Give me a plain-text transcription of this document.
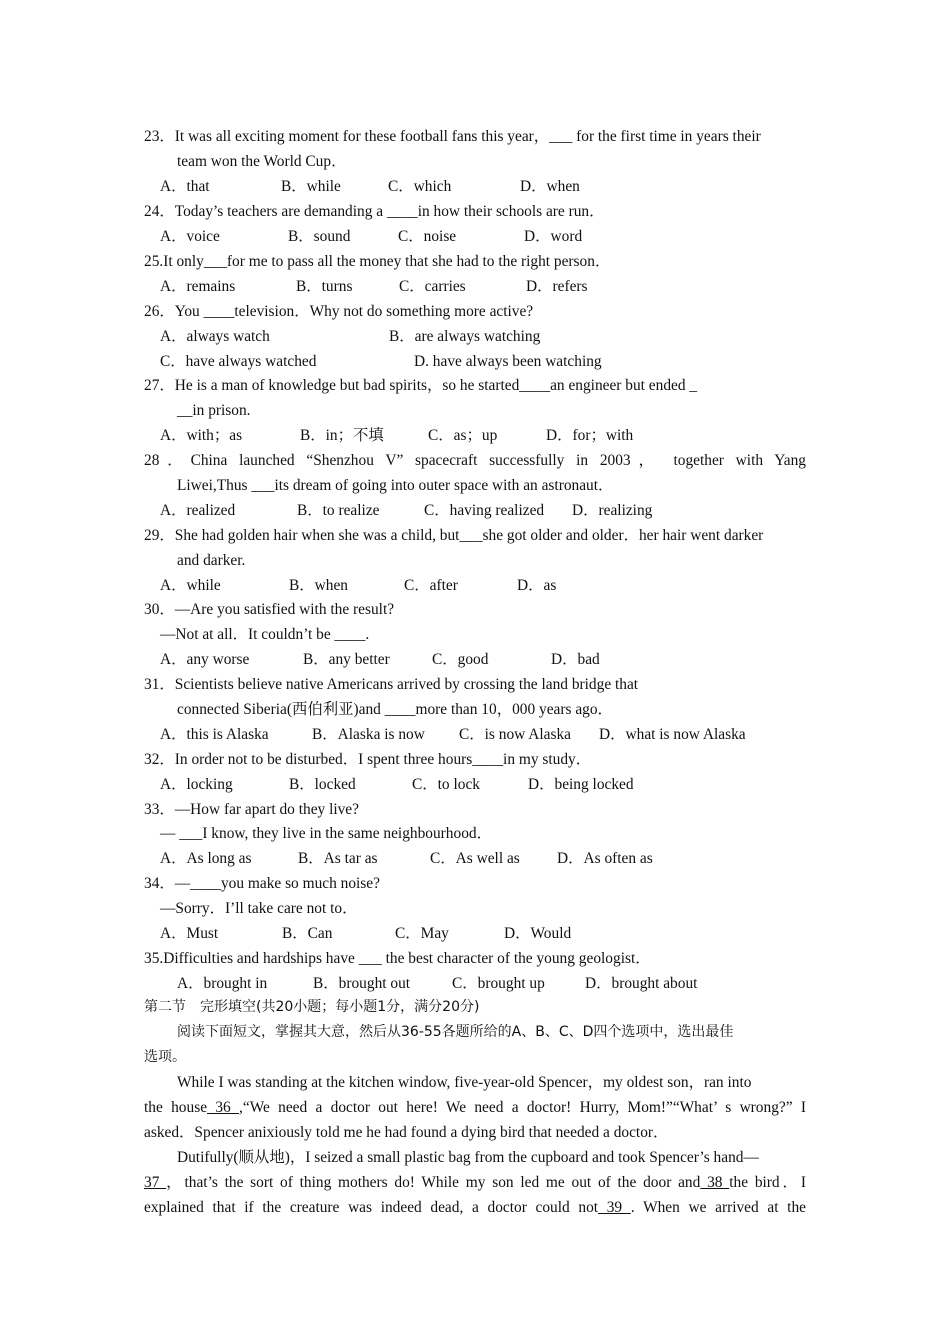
23．It was all exciting moment for these football fans this year，___ for the first time in years their
team won the World Cup．

A．that

	B．while

	C．which

	D．when

24．Today’s teachers are demanding a ____in how their schools are run．

A．voice

	B．sound

	C．noise

	D．word

25.It only___for me to pass all the money that she had to the right person．

A．remains

	B．turns

	C．carries

	D．refers

26．You ____television．Why not do something more active?

A．always watch

	B．are always watching

C．have always watched

	D. have always been watching

27．He is a man of knowledge but bad spirits，so he started____an engineer but ended _
__in prison.

A．with；as

	B．in；不填

	C．as；up

	D．for；with

28．China launched “Shenzhou V” spacecraft successfully in 2003， together with Yang
Liwei,Thus ___its dream of going into outer space with an astronaut．

A．realized

	B．to realize

	C．having realized

D．realizing

29．She had golden hair when she was a child, but___she got older and older．her hair went darker
and darker.

A．while

	B．when

	C．after

	D．as

30．—Are you satisfied with the result?
—Not at all．It couldn’t be ____.

A．any worse

	B．any better

	C．good

	D．bad

31．Scientists believe native Americans arrived by crossing the land bridge that
connected Siberia(西伯利亚)and ____more than 10，000 years ago．

A．this is Alaska

	B．Alaska is now

C．is now Alaska

D．what is now Alaska

32．In order not to be disturbed．I spent three hours____in my study．

A．locking

	B．locked

	C．to lock

	D．being locked

33．—How far apart do they live?
— ___I know, they live in the same neighbourhood．

A．As long as

	B．As tar as

	C．As well as

D．As often as

34．—____you make so much noise?
—Sorry．I’ll take care not to．

A．Must

	B．Can

	C．May

	D．Would

35.Difficulties and hardships have ___ the best character of the young geologist．

A．brought in

	B．brought out

	C．brought up

	D．brought about

第二节　完形填空(共20小题；每小题1分，满分20分)
阅读下面短文，掌握其大意，然后从36-55各题所给的A、B、C、D四个选项中，选出最佳
选项。
While I was standing at the kitchen window, five-year-old Spencer，my oldest son，ran into
the house 36 ,“We need a doctor out here! We need a doctor! Hurry, Mom!”“What’ s wrong?” I
asked．Spencer anixiously told me he had found a dying bird that needed a doctor．
Dutifully(顺从地)，I seized a small plastic bag from the cupboard and took Spencer’s hand—
37 ，that’s the sort of thing mothers do! While my son led me out of the door and 38 the bird．I
explained that if the creature was indeed dead, a doctor could not 39 . When we arrived at the
